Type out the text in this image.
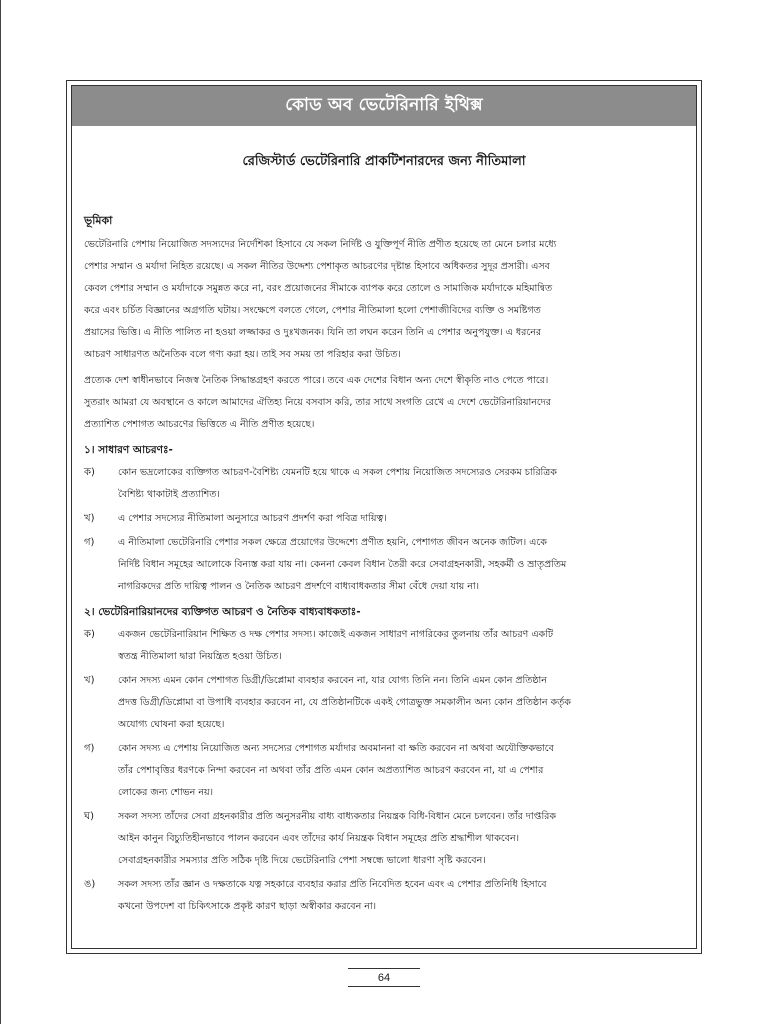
কোড অব ভেটেরিনারি ইথিক্স
রেজিস্টার্ড ভেটেরিনারি প্রাকটিশনারদের জন্য নীতিমালা
ভূমিকা
ভেটেরিনারি পেশায় নিয়োজিত সদস্যদের নির্দেশিকা হিসাবে যে সকল নির্দিষ্ট ও যুক্তিপূর্ণ নীতি প্রণীত হয়েছে তা মেনে চলার মধ্যে
পেশার সম্মান ও মর্যাদা নিহিত রয়েছে। এ সকল নীতির উদ্দেশ্য পেশাকৃত আচরণের দৃষ্টান্ত হিসাবে অধিকতর সুদূর প্রসারী। এসব
কেবল পেশার সম্মান ও মর্যাদাকে সমুন্নত করে না, বরং প্রয়োজনের সীমাকে ব্যাপক করে তোলে ও সামাজিক মর্যাদাকে মহিমান্বিত
করে এবং চর্চিত বিজ্ঞানের অগ্রগতি ঘটায়। সংক্ষেপে বলতে গেলে, পেশার নীতিমালা হলো পেশাজীবিদের ব্যক্তি ও সমষ্টিগত
প্রয়াসের ভিত্তি। এ নীতি পালিত না হওয়া লজ্জাকর ও দুঃখজনক। যিনি তা লঘন করেন তিনি এ পেশার অনুপযুক্ত। এ ধরনের
আচরণ সাধারণত অনৈতিক বলে গণ্য করা হয়। তাই সব সময় তা পরিহার করা উচিত।
প্রত্যেক দেশ স্বাধীনভাবে নিজস্ব নৈতিক সিদ্ধান্তগ্রহণ করতে পারে। তবে এক দেশের বিধান অন্য দেশে স্বীকৃতি নাও পেতে পারে।
সুতরাং আমরা যে অবস্থানে ও কালে আমাদের ঐতিহ্য নিয়ে বসবাস করি, তার সাথে সংগতি রেখে এ দেশে ভেটেরিনারিয়ানদের
প্রত্যাশিত পেশাগত আচরণের ভিত্তিতে এ নীতি প্রণীত হয়েছে।
১। সাধারণ আচরণঃ-
ক)	কোন ভদ্রলোকের ব্যক্তিগত আচরণ-বৈশিষ্ট্য যেমনটি হয়ে থাকে এ সকল পেশায় নিয়োজিত সদস্যেরও সেরকম চারিত্রিক
বৈশিষ্ট্য থাকাটাই প্রত্যাশিত।
খ)	এ পেশার সদস্যের নীতিমালা অনুসারে আচরণ প্রদর্শণ করা পবিত্র দায়িত্ব।
গ)	এ নীতিমালা ভেটেরিনারি পেশার সকল ক্ষেত্রে প্রয়োগের উদ্দেশ্যে প্রণীত হয়নি, পেশাগত জীবন অনেক জটিল। একে
নির্দিষ্ট বিধান সমূহের আলোকে বিন্যস্ত করা যায় না। কেননা কেবল বিধান তৈরী করে সেবাগ্রহনকারী, সহকর্মী ও ভ্রাতৃপ্রতিম
নাগরিকদের প্রতি দায়িত্ব পালন ও নৈতিক আচরণ প্রদর্শণে বাধ্যবাধকতার সীমা বেঁধে দেয়া যায় না।
২। ভেটেরিনারিয়ানদের ব্যক্তিগত আচরণ ও নৈতিক বাধ্যবাধকতাঃ-
ক)	একজন ভেটেরিনারিয়ান শিক্ষিত ও দক্ষ পেশার সদস্য। কাজেই একজন সাধারণ নাগরিকের তুলনায় তাঁর আচরণ একটি
স্বতন্ত্র নীতিমালা দ্বারা নিয়ন্ত্রিত হওয়া উচিত।
খ)	কোন সদস্য এমন কোন পেশাগত ডিগ্রী/ডিপ্লোমা ব্যবহার করবেন না, যার যোগ্য তিনি নন। তিনি এমন কোন প্রতিষ্ঠান
প্রদত্ত ডিগ্রী/ডিপ্লোমা বা উপাধি ব্যবহার করবেন না, যে প্রতিষ্ঠানটিকে একই গোত্রভুক্ত সমকালীন অন্য কোন প্রতিষ্ঠান কর্তৃক
অযোগ্য ঘোষনা করা হয়েছে।
গ)	কোন সদস্য এ পেশায় নিয়োজিত অন্য সদস্যের পেশাগত মর্যাদার অবমাননা বা ক্ষতি করবেন না অথবা অযৌক্তিকভাবে
তাঁর পেশাবৃত্তির ধরণকে নিন্দা করবেন না অথবা তাঁর প্রতি এমন কোন অপ্রত্যাশিত আচরণ করবেন না, যা এ পেশার
লোকের জন্য শোভন নয়।
ঘ)	সকল সদস্য তাঁদের সেবা গ্রহনকারীর প্রতি অনুসরনীয় বাধ্য বাধ্যকতার নিয়ন্ত্রক বিধি-বিধান মেনে চলবেন। তাঁর দাপ্তরিক
আইন কানুন বিচ্যুতিহীনভাবে পালন করবেন এবং তাঁদের কার্য নিয়ন্ত্রক বিধান সমূহের প্রতি শ্রদ্ধাশীল থাকবেন।
সেবাগ্রহনকারীর সমস্যার প্রতি সঠিক দৃষ্টি দিয়ে ভেটেরিনারি পেশা সম্বন্ধে ভালো ধারণা সৃষ্টি করবেন।
ঙ)	সকল সদস্য তাঁর জ্ঞান ও দক্ষতাকে যত্ন সহকারে ব্যবহার করার প্রতি নিবেদিত হবেন এবং এ পেশার প্রতিনিধি হিসাবে
কখনো উপদেশ বা চিকিৎসাকে প্রকৃষ্ট কারণ ছাড়া অস্বীকার করবেন না।
64
